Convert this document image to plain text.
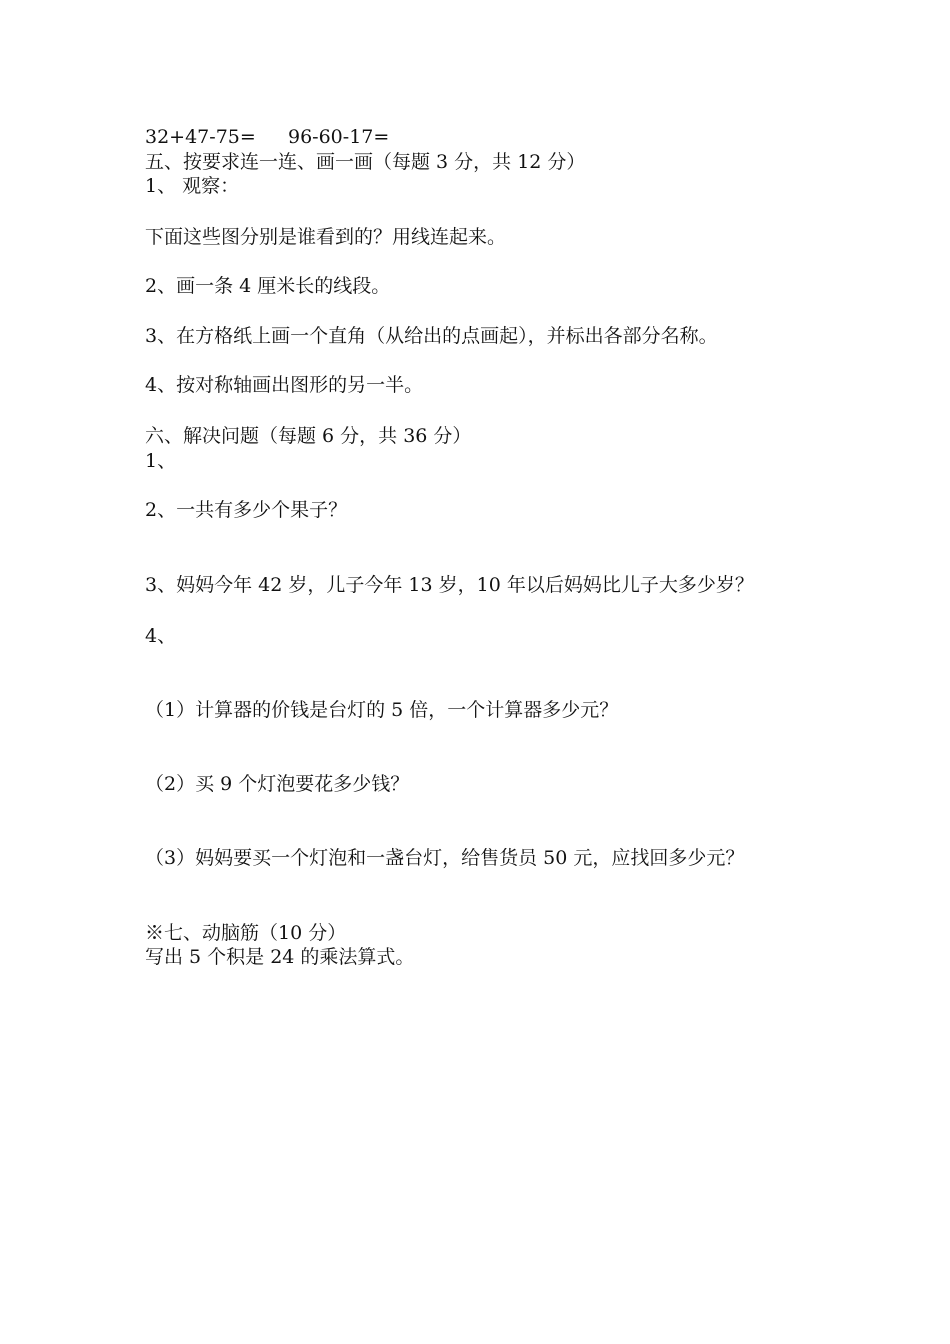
32+47-75= 96-60-17=
五、按要求连一连、画一画（每题 3 分，共 12 分）
1、 观察：
下面这些图分别是谁看到的？用线连起来。
2、画一条 4 厘米长的线段。
3、在方格纸上画一个直角（从给出的点画起），并标出各部分名称。
4、按对称轴画出图形的另一半。
六、解决问题（每题 6 分，共 36 分）
1、
2、一共有多少个果子？
3、妈妈今年 42 岁，儿子今年 13 岁，10 年以后妈妈比儿子大多少岁？
4、
（1）计算器的价钱是台灯的 5 倍，一个计算器多少元？
（2）买 9 个灯泡要花多少钱？
（3）妈妈要买一个灯泡和一盏台灯，给售货员 50 元，应找回多少元？
※七、动脑筋（10 分）
写出 5 个积是 24 的乘法算式。
